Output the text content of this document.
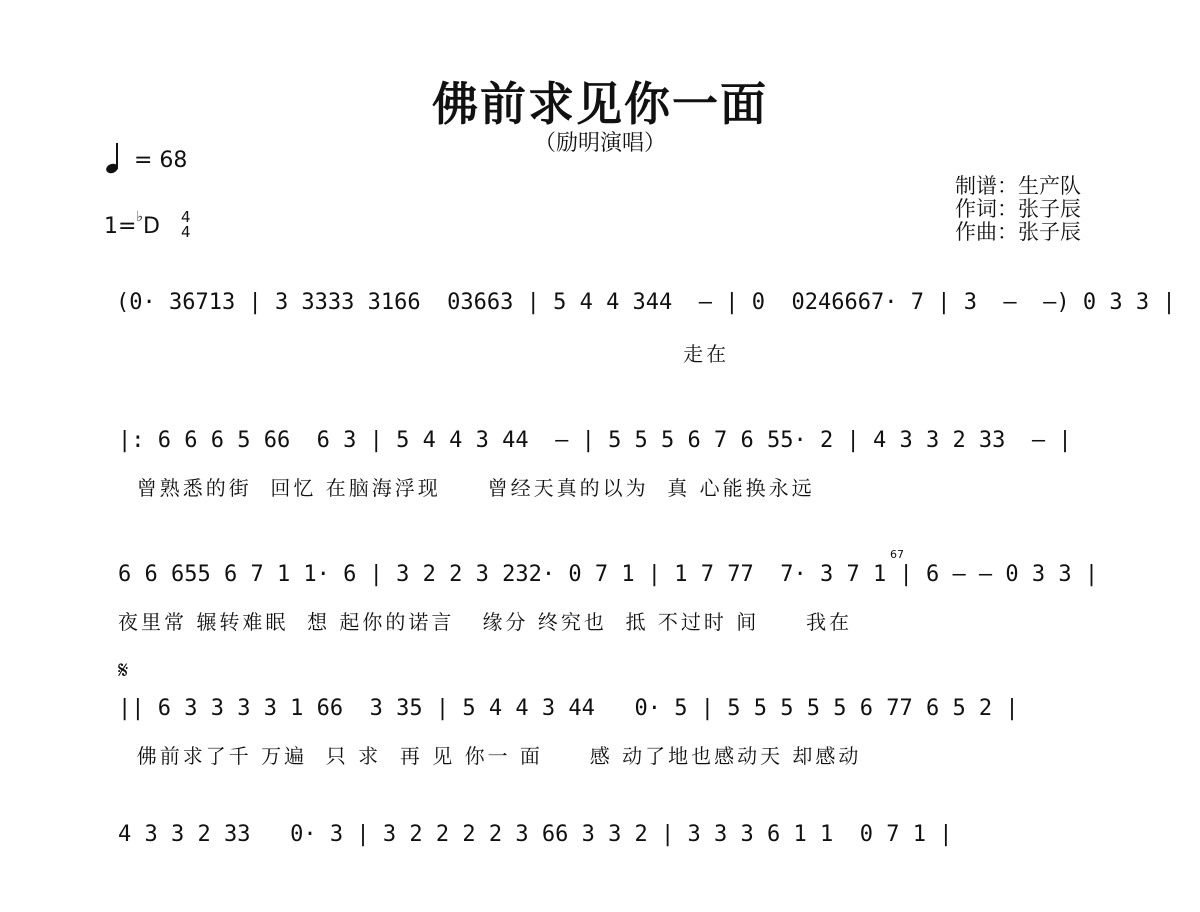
佛前求见你一面
（励明演唱）
= 68
1=♭D 4
4
制谱：生产队
作词：张子辰
作曲：张子辰
(0· 36713 | 3 3333 3166  03663 | 5 4 4 344  – | 0  0246667· 7 | 3  –  –) 0 3 3 |
走在
|: 6 6 6 5 66  6 3 | 5 4 4 3 44  – | 5 5 5 6 7 6 55· 2 | 4 3 3 2 33  – |
曾熟悉的街  回忆 在脑海浮现     曾经天真的以为  真 心能换永远
6 6 655 6 7 1 1· 6 | 3 2 2 3 232· 0 7 1 | 1 7 77  7· 3 7 1 | 6 – – 0 3 3 |
夜里常 辗转难眠  想 起你的诺言   缘分 终究也  抵 不过时 间     我在
67
𝄋
|| 6 3 3 3 3 1 66  3 35 | 5 4 4 3 44   0· 5 | 5 5 5 5 5 6 77 6 5 2 |
佛前求了千 万遍  只 求  再 见 你一 面     感 动了地也感动天 却感动
4 3 3 2 33   0· 3 | 3 2 2 2 2 3 66 3 3 2 | 3 3 3 6 1 1  0 7 1 |
